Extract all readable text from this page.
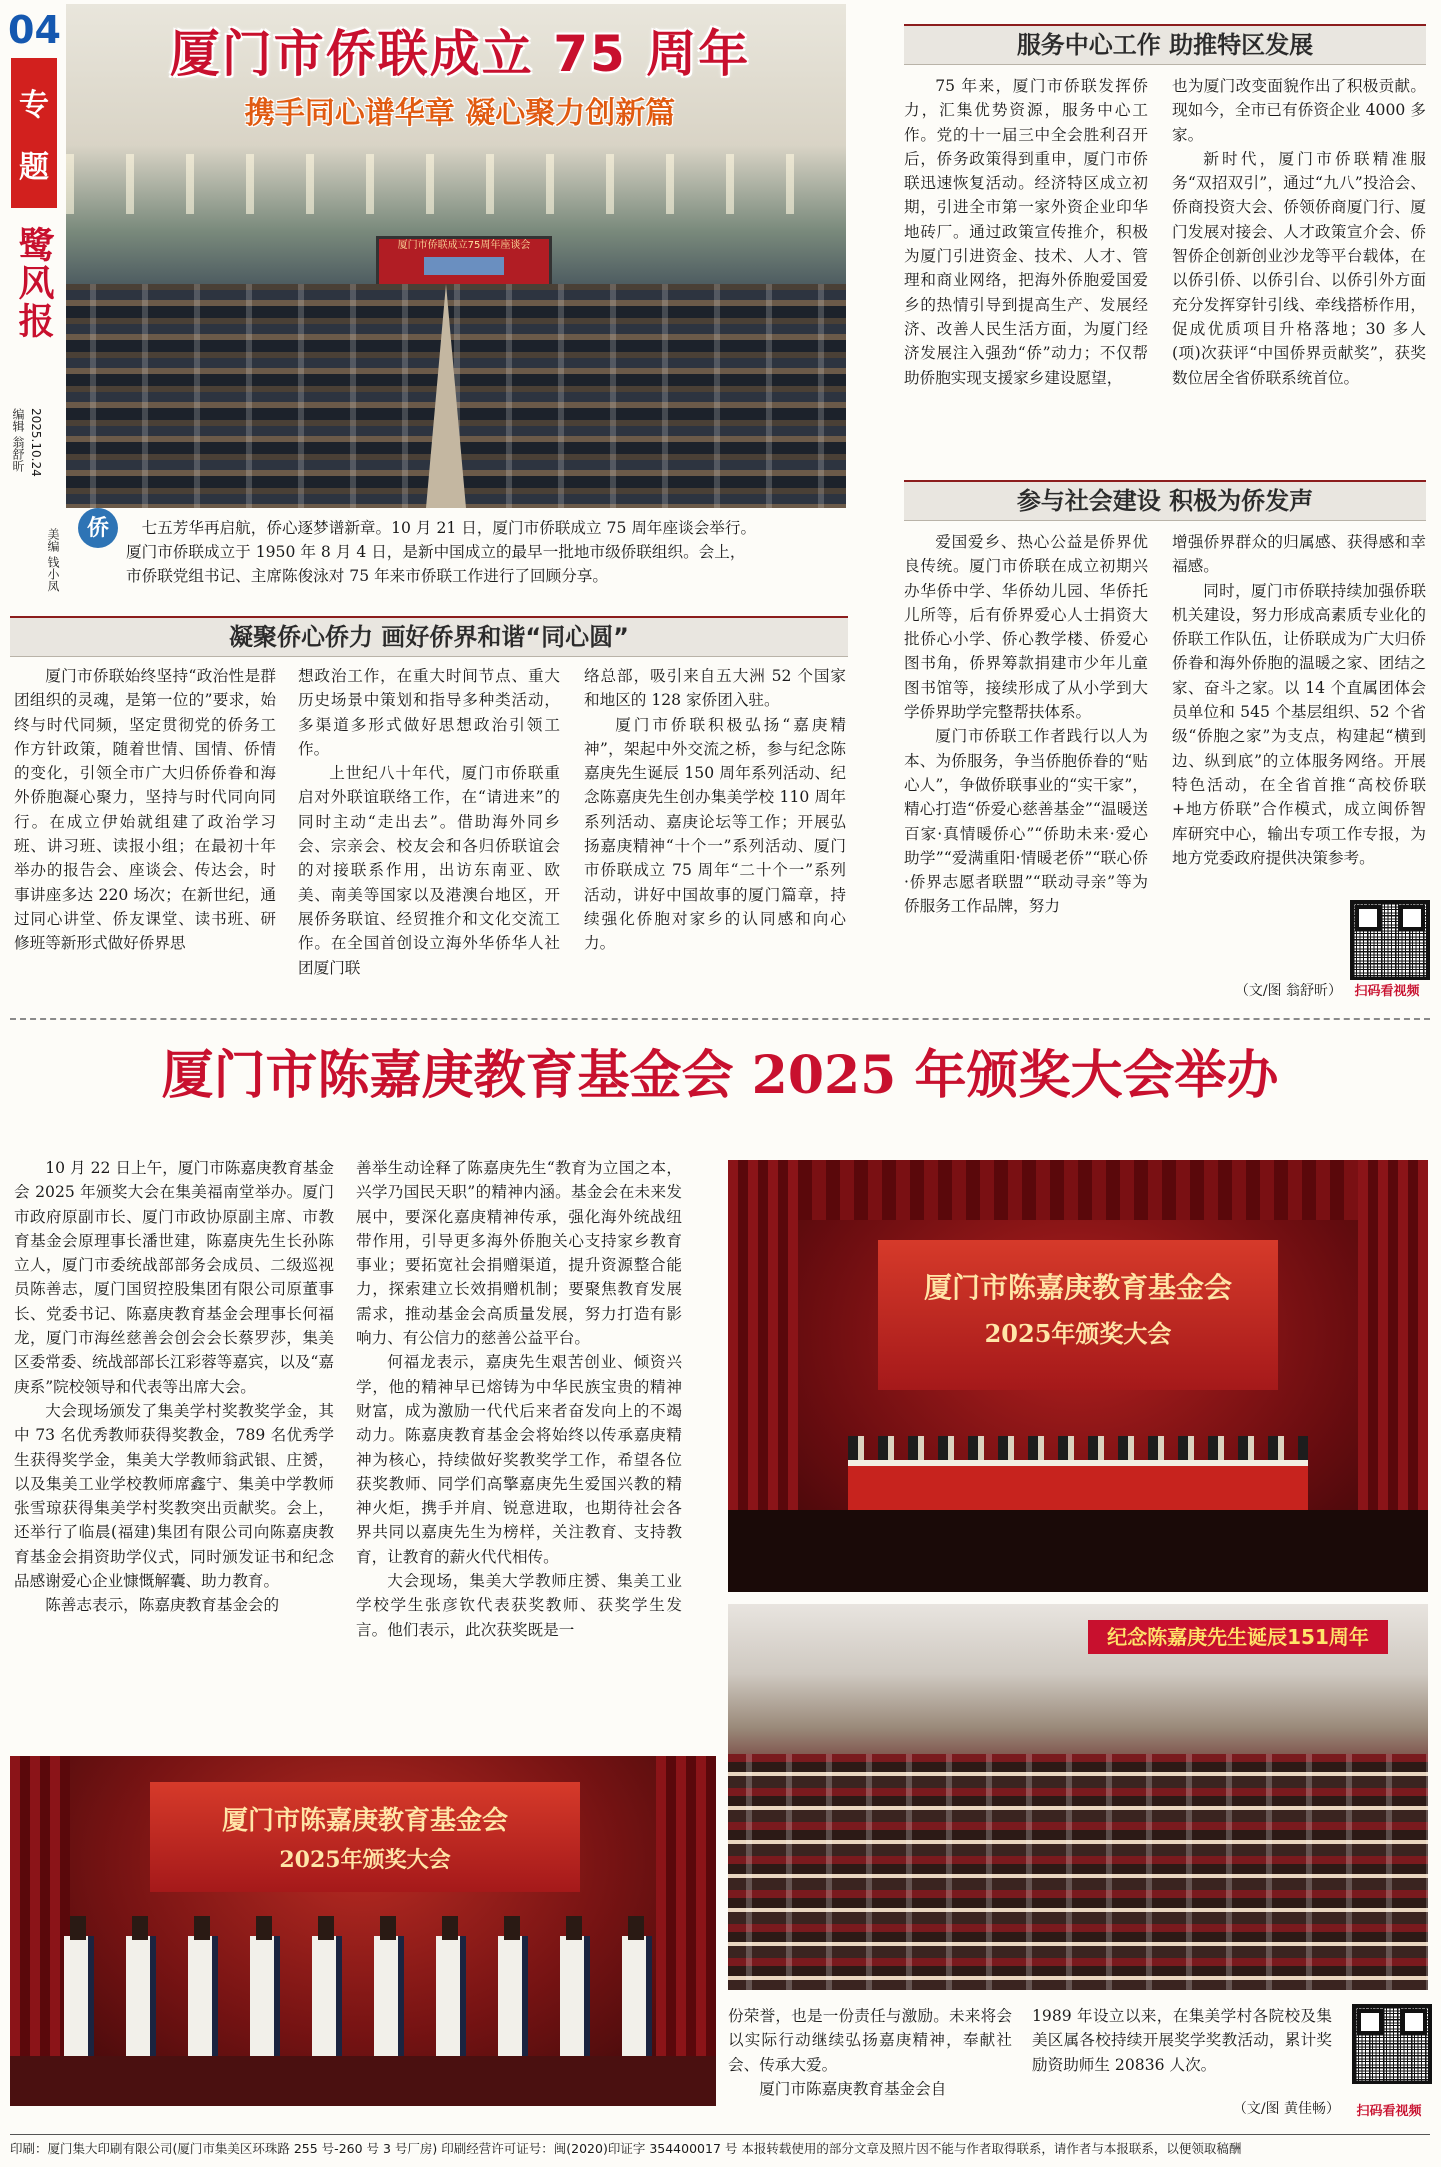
04
专
题
鹭风报
编辑 翁舒昕 2025.10.24
美编 钱小凤
厦门市侨联成立75周年座谈会
厦门市侨联成立 75 周年
携手同心谱华章 凝心聚力创新篇
侨	七五芳华再启航，侨心逐梦谱新章。10 月 21 日，厦门市侨联成立 75 周年座谈会举行。
厦门市侨联成立于 1950 年 8 月 4 日，是新中国成立的最早一批地市级侨联组织。会上，
市侨联党组书记、主席陈俊泳对 75 年来市侨联工作进行了回顾分享。
凝聚侨心侨力 画好侨界和谐“同心圆”

厦门市侨联始终坚持“政治性是群团组织的灵魂，是第一位的”要求，始终与时代同频，坚定贯彻党的侨务工作方针政策，随着世情、国情、侨情的变化，引领全市广大归侨侨眷和海外侨胞凝心聚力，坚持与时代同向同行。在成立伊始就组建了政治学习班、讲习班、读报小组；在最初十年举办的报告会、座谈会、传达会，时事讲座多达 220 场次；在新世纪，通过同心讲堂、侨友课堂、读书班、研修班等新形式做好侨界思

想政治工作，在重大时间节点、重大历史场景中策划和指导多种类活动，多渠道多形式做好思想政治引领工作。

上世纪八十年代，厦门市侨联重启对外联谊联络工作，在“请进来”的同时主动“走出去”。借助海外同乡会、宗亲会、校友会和各归侨联谊会的对接联系作用，出访东南亚、欧美、南美等国家以及港澳台地区，开展侨务联谊、经贸推介和文化交流工作。在全国首创设立海外华侨华人社团厦门联

络总部，吸引来自五大洲 52 个国家和地区的 128 家侨团入驻。

厦门市侨联积极弘扬“嘉庚精神”，架起中外交流之桥，参与纪念陈嘉庚先生诞辰 150 周年系列活动、纪念陈嘉庚先生创办集美学校 110 周年系列活动、嘉庚论坛等工作；开展弘扬嘉庚精神“十个一”系列活动、厦门市侨联成立 75 周年“二十个一”系列活动，讲好中国故事的厦门篇章，持续强化侨胞对家乡的认同感和向心力。

服务中心工作 助推特区发展

75 年来，厦门市侨联发挥侨力，汇集优势资源，服务中心工作。党的十一届三中全会胜利召开后，侨务政策得到重申，厦门市侨联迅速恢复活动。经济特区成立初期，引进全市第一家外资企业印华地砖厂。通过政策宣传推介，积极为厦门引进资金、技术、人才、管理和商业网络，把海外侨胞爱国爱乡的热情引导到提高生产、发展经济、改善人民生活方面，为厦门经济发展注入强劲“侨”动力；不仅帮助侨胞实现支援家乡建设愿望，

也为厦门改变面貌作出了积极贡献。现如今，全市已有侨资企业 4000 多家。

新时代，厦门市侨联精准服务“双招双引”，通过“九八”投洽会、侨商投资大会、侨领侨商厦门行、厦门发展对接会、人才政策宣介会、侨智侨企创新创业沙龙等平台载体，在以侨引侨、以侨引台、以侨引外方面充分发挥穿针引线、牵线搭桥作用，促成优质项目升格落地；30 多人(项)次获评“中国侨界贡献奖”，获奖数位居全省侨联系统首位。

参与社会建设 积极为侨发声

爱国爱乡、热心公益是侨界优良传统。厦门市侨联在成立初期兴办华侨中学、华侨幼儿园、华侨托儿所等，后有侨界爱心人士捐资大批侨心小学、侨心教学楼、侨爱心图书角，侨界筹款捐建市少年儿童图书馆等，接续形成了从小学到大学侨界助学完整帮扶体系。

厦门市侨联工作者践行以人为本、为侨服务，争当侨胞侨眷的“贴心人”，争做侨联事业的“实干家”，精心打造“侨爱心慈善基金”“温暖送百家·真情暖侨心”“侨助未来·爱心助学”“爱满重阳·情暖老侨”“联心侨·侨界志愿者联盟”“联动寻亲”等为侨服务工作品牌，努力

增强侨界群众的归属感、获得感和幸福感。

同时，厦门市侨联持续加强侨联机关建设，努力形成高素质专业化的侨联工作队伍，让侨联成为广大归侨侨眷和海外侨胞的温暖之家、团结之家、奋斗之家。以 14 个直属团体会员单位和 545 个基层组织、52 个省级“侨胞之家”为支点，构建起“横到边、纵到底”的立体服务网络。开展特色活动，在全省首推“高校侨联+地方侨联”合作模式，成立闽侨智库研究中心，输出专项工作专报，为地方党委政府提供决策参考。

（文/图 翁舒昕） 扫码看视频
厦门市陈嘉庚教育基金会 2025 年颁奖大会举办

10 月 22 日上午，厦门市陈嘉庚教育基金会 2025 年颁奖大会在集美福南堂举办。厦门市政府原副市长、厦门市政协原副主席、市教育基金会原理事长潘世建，陈嘉庚先生长孙陈立人，厦门市委统战部部务会成员、二级巡视员陈善志，厦门国贸控股集团有限公司原董事长、党委书记、陈嘉庚教育基金会理事长何福龙，厦门市海丝慈善会创会会长蔡罗莎，集美区委常委、统战部部长江彩蓉等嘉宾，以及“嘉庚系”院校领导和代表等出席大会。

大会现场颁发了集美学村奖教奖学金，其中 73 名优秀教师获得奖教金，789 名优秀学生获得奖学金，集美大学教师翁武银、庄赟，以及集美工业学校教师席鑫宁、集美中学教师张雪琼获得集美学村奖教突出贡献奖。会上，还举行了临晨(福建)集团有限公司向陈嘉庚教育基金会捐资助学仪式，同时颁发证书和纪念品感谢爱心企业慷慨解囊、助力教育。

陈善志表示，陈嘉庚教育基金会的

善举生动诠释了陈嘉庚先生“教育为立国之本，兴学乃国民天职”的精神内涵。基金会在未来发展中，要深化嘉庚精神传承，强化海外统战纽带作用，引导更多海外侨胞关心支持家乡教育事业；要拓宽社会捐赠渠道，提升资源整合能力，探索建立长效捐赠机制；要聚焦教育发展需求，推动基金会高质量发展，努力打造有影响力、有公信力的慈善公益平台。

何福龙表示，嘉庚先生艰苦创业、倾资兴学，他的精神早已熔铸为中华民族宝贵的精神财富，成为激励一代代后来者奋发向上的不竭动力。陈嘉庚教育基金会将始终以传承嘉庚精神为核心，持续做好奖教奖学工作，希望各位获奖教师、同学们高擎嘉庚先生爱国兴教的精神火炬，携手并肩、锐意进取，也期待社会各界共同以嘉庚先生为榜样，关注教育、支持教育，让教育的薪火代代相传。

大会现场，集美大学教师庄赟、集美工业学校学生张彦钦代表获奖教师、获奖学生发言。他们表示，此次获奖既是一

厦门市陈嘉庚教育基金会
2025年颁奖大会
纪念陈嘉庚先生诞辰151周年
厦门市陈嘉庚教育基金会
2025年颁奖大会

份荣誉，也是一份责任与激励。未来将会以实际行动继续弘扬嘉庚精神，奉献社会、传承大爱。

厦门市陈嘉庚教育基金会自

1989 年设立以来，在集美学村各院校及集美区属各校持续开展奖学奖教活动，累计奖励资助师生 20836 人次。

（文/图 黄佳畅）	扫码看视频
印刷：厦门集大印刷有限公司(厦门市集美区环珠路 255 号-260 号 3 号厂房) 印刷经营许可证号：闽(2020)印证字 354400017 号 本报转载使用的部分文章及照片因不能与作者取得联系，请作者与本报联系，以便领取稿酬
